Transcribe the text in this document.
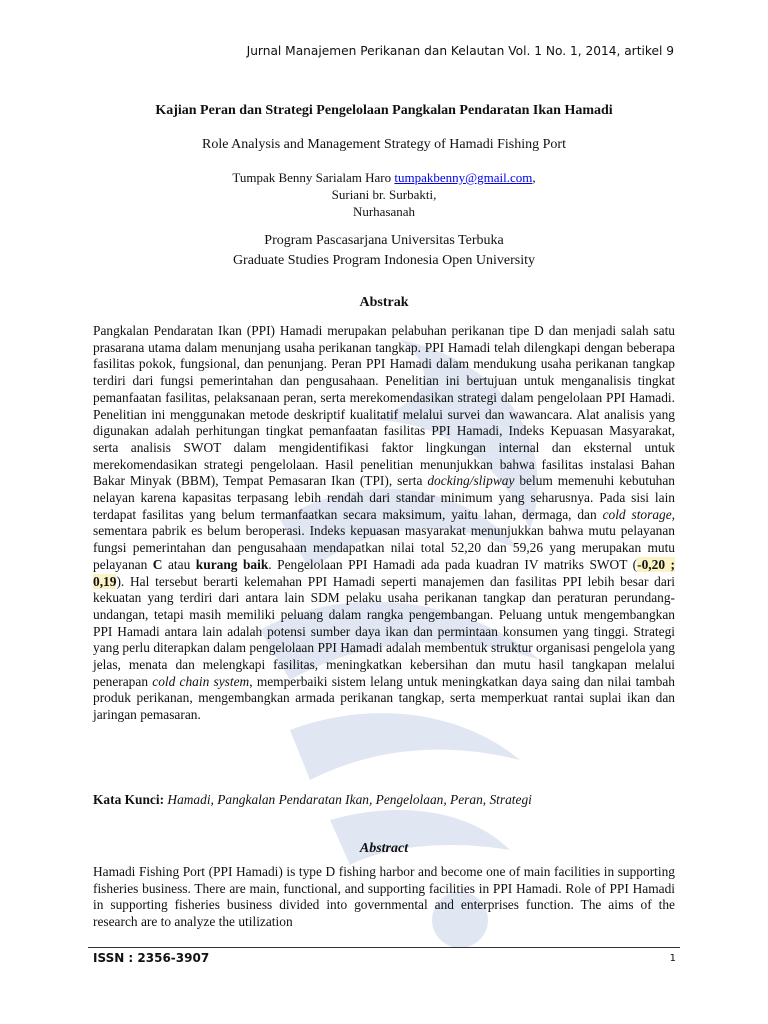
Jurnal Manajemen Perikanan dan Kelautan Vol. 1 No. 1, 2014, artikel 9
Kajian Peran dan Strategi Pengelolaan Pangkalan Pendaratan Ikan Hamadi
Role Analysis and Management Strategy of Hamadi Fishing Port
Tumpak Benny Sarialam Haro tumpakbenny@gmail.com,
Suriani br. Surbakti,
Nurhasanah
Program Pascasarjana Universitas Terbuka
Graduate Studies Program Indonesia Open University
Abstrak
Pangkalan Pendaratan Ikan (PPI) Hamadi merupakan pelabuhan perikanan tipe D dan menjadi salah satu prasarana utama dalam menunjang usaha perikanan tangkap. PPI Hamadi telah dilengkapi dengan beberapa fasilitas pokok, fungsional, dan penunjang. Peran PPI Hamadi dalam mendukung usaha perikanan tangkap terdiri dari fungsi pemerintahan dan pengusahaan. Penelitian ini bertujuan untuk menganalisis tingkat pemanfaatan fasilitas, pelaksanaan peran, serta merekomendasikan strategi dalam pengelolaan PPI Hamadi. Penelitian ini menggunakan metode deskriptif kualitatif melalui survei dan wawancara. Alat analisis yang digunakan adalah perhitungan tingkat pemanfaatan fasilitas PPI Hamadi, Indeks Kepuasan Masyarakat, serta analisis SWOT dalam mengidentifikasi faktor lingkungan internal dan eksternal untuk merekomendasikan strategi pengelolaan. Hasil penelitian menunjukkan bahwa fasilitas instalasi Bahan Bakar Minyak (BBM), Tempat Pemasaran Ikan (TPI), serta docking/slipway belum memenuhi kebutuhan nelayan karena kapasitas terpasang lebih rendah dari standar minimum yang seharusnya. Pada sisi lain terdapat fasilitas yang belum termanfaatkan secara maksimum, yaitu lahan, dermaga, dan cold storage, sementara pabrik es belum beroperasi. Indeks kepuasan masyarakat menunjukkan bahwa mutu pelayanan fungsi pemerintahan dan pengusahaan mendapatkan nilai total 52,20 dan 59,26 yang merupakan mutu pelayanan C atau kurang baik. Pengelolaan PPI Hamadi ada pada kuadran IV matriks SWOT (-0,20 ; 0,19). Hal tersebut berarti kelemahan PPI Hamadi seperti manajemen dan fasilitas PPI lebih besar dari kekuatan yang terdiri dari antara lain SDM pelaku usaha perikanan tangkap dan peraturan perundang-undangan, tetapi masih memiliki peluang dalam rangka pengembangan. Peluang untuk mengembangkan PPI Hamadi antara lain adalah potensi sumber daya ikan dan permintaan konsumen yang tinggi. Strategi yang perlu diterapkan dalam pengelolaan PPI Hamadi adalah membentuk struktur organisasi pengelola yang jelas, menata dan melengkapi fasilitas, meningkatkan kebersihan dan mutu hasil tangkapan melalui penerapan cold chain system, memperbaiki sistem lelang untuk meningkatkan daya saing dan nilai tambah produk perikanan, mengembangkan armada perikanan tangkap, serta memperkuat rantai suplai ikan dan jaringan pemasaran.
Kata Kunci: Hamadi, Pangkalan Pendaratan Ikan, Pengelolaan, Peran, Strategi
Abstract
Hamadi Fishing Port (PPI Hamadi) is type D fishing harbor and become one of main facilities in supporting fisheries business. There are main, functional, and supporting facilities in PPI Hamadi. Role of PPI Hamadi in supporting fisheries business divided into governmental and enterprises function. The aims of the research are to analyze the utilization
ISSN : 2356-3907	1
